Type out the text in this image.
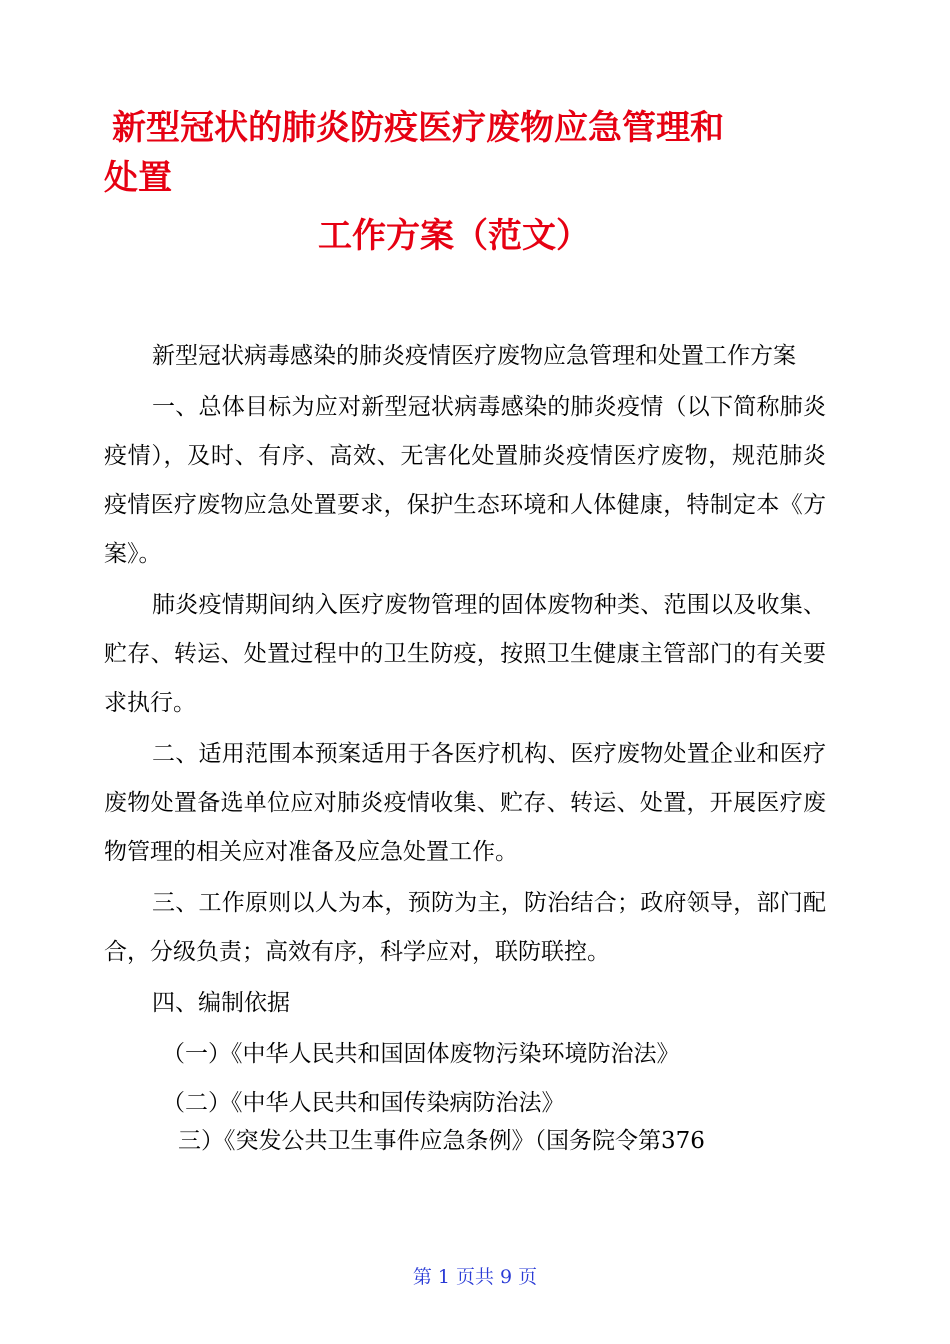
新型冠状的肺炎防疫医疗废物应急管理和
处置
工作方案（范文）

新型冠状病毒感染的肺炎疫情医疗废物应急管理和处置工作方案

一、总体目标为应对新型冠状病毒感染的肺炎疫情（以下简称肺炎疫情），及时、有序、高效、无害化处置肺炎疫情医疗废物，规范肺炎疫情医疗废物应急处置要求，保护生态环境和人体健康，特制定本《方案》。

肺炎疫情期间纳入医疗废物管理的固体废物种类、范围以及收集、贮存、转运、处置过程中的卫生防疫，按照卫生健康主管部门的有关要求执行。

二、适用范围本预案适用于各医疗机构、医疗废物处置企业和医疗废物处置备选单位应对肺炎疫情收集、贮存、转运、处置，开展医疗废物管理的相关应对准备及应急处置工作。

三、工作原则以人为本，预防为主，防治结合；政府领导，部门配合，分级负责；高效有序，科学应对，联防联控。

四、编制依据

（一）《中华人民共和国固体废物污染环境防治法》

（二）《中华人民共和国传染病防治法》

三）《突发公共卫生事件应急条例》（国务院令第376

第 1 页共 9 页
